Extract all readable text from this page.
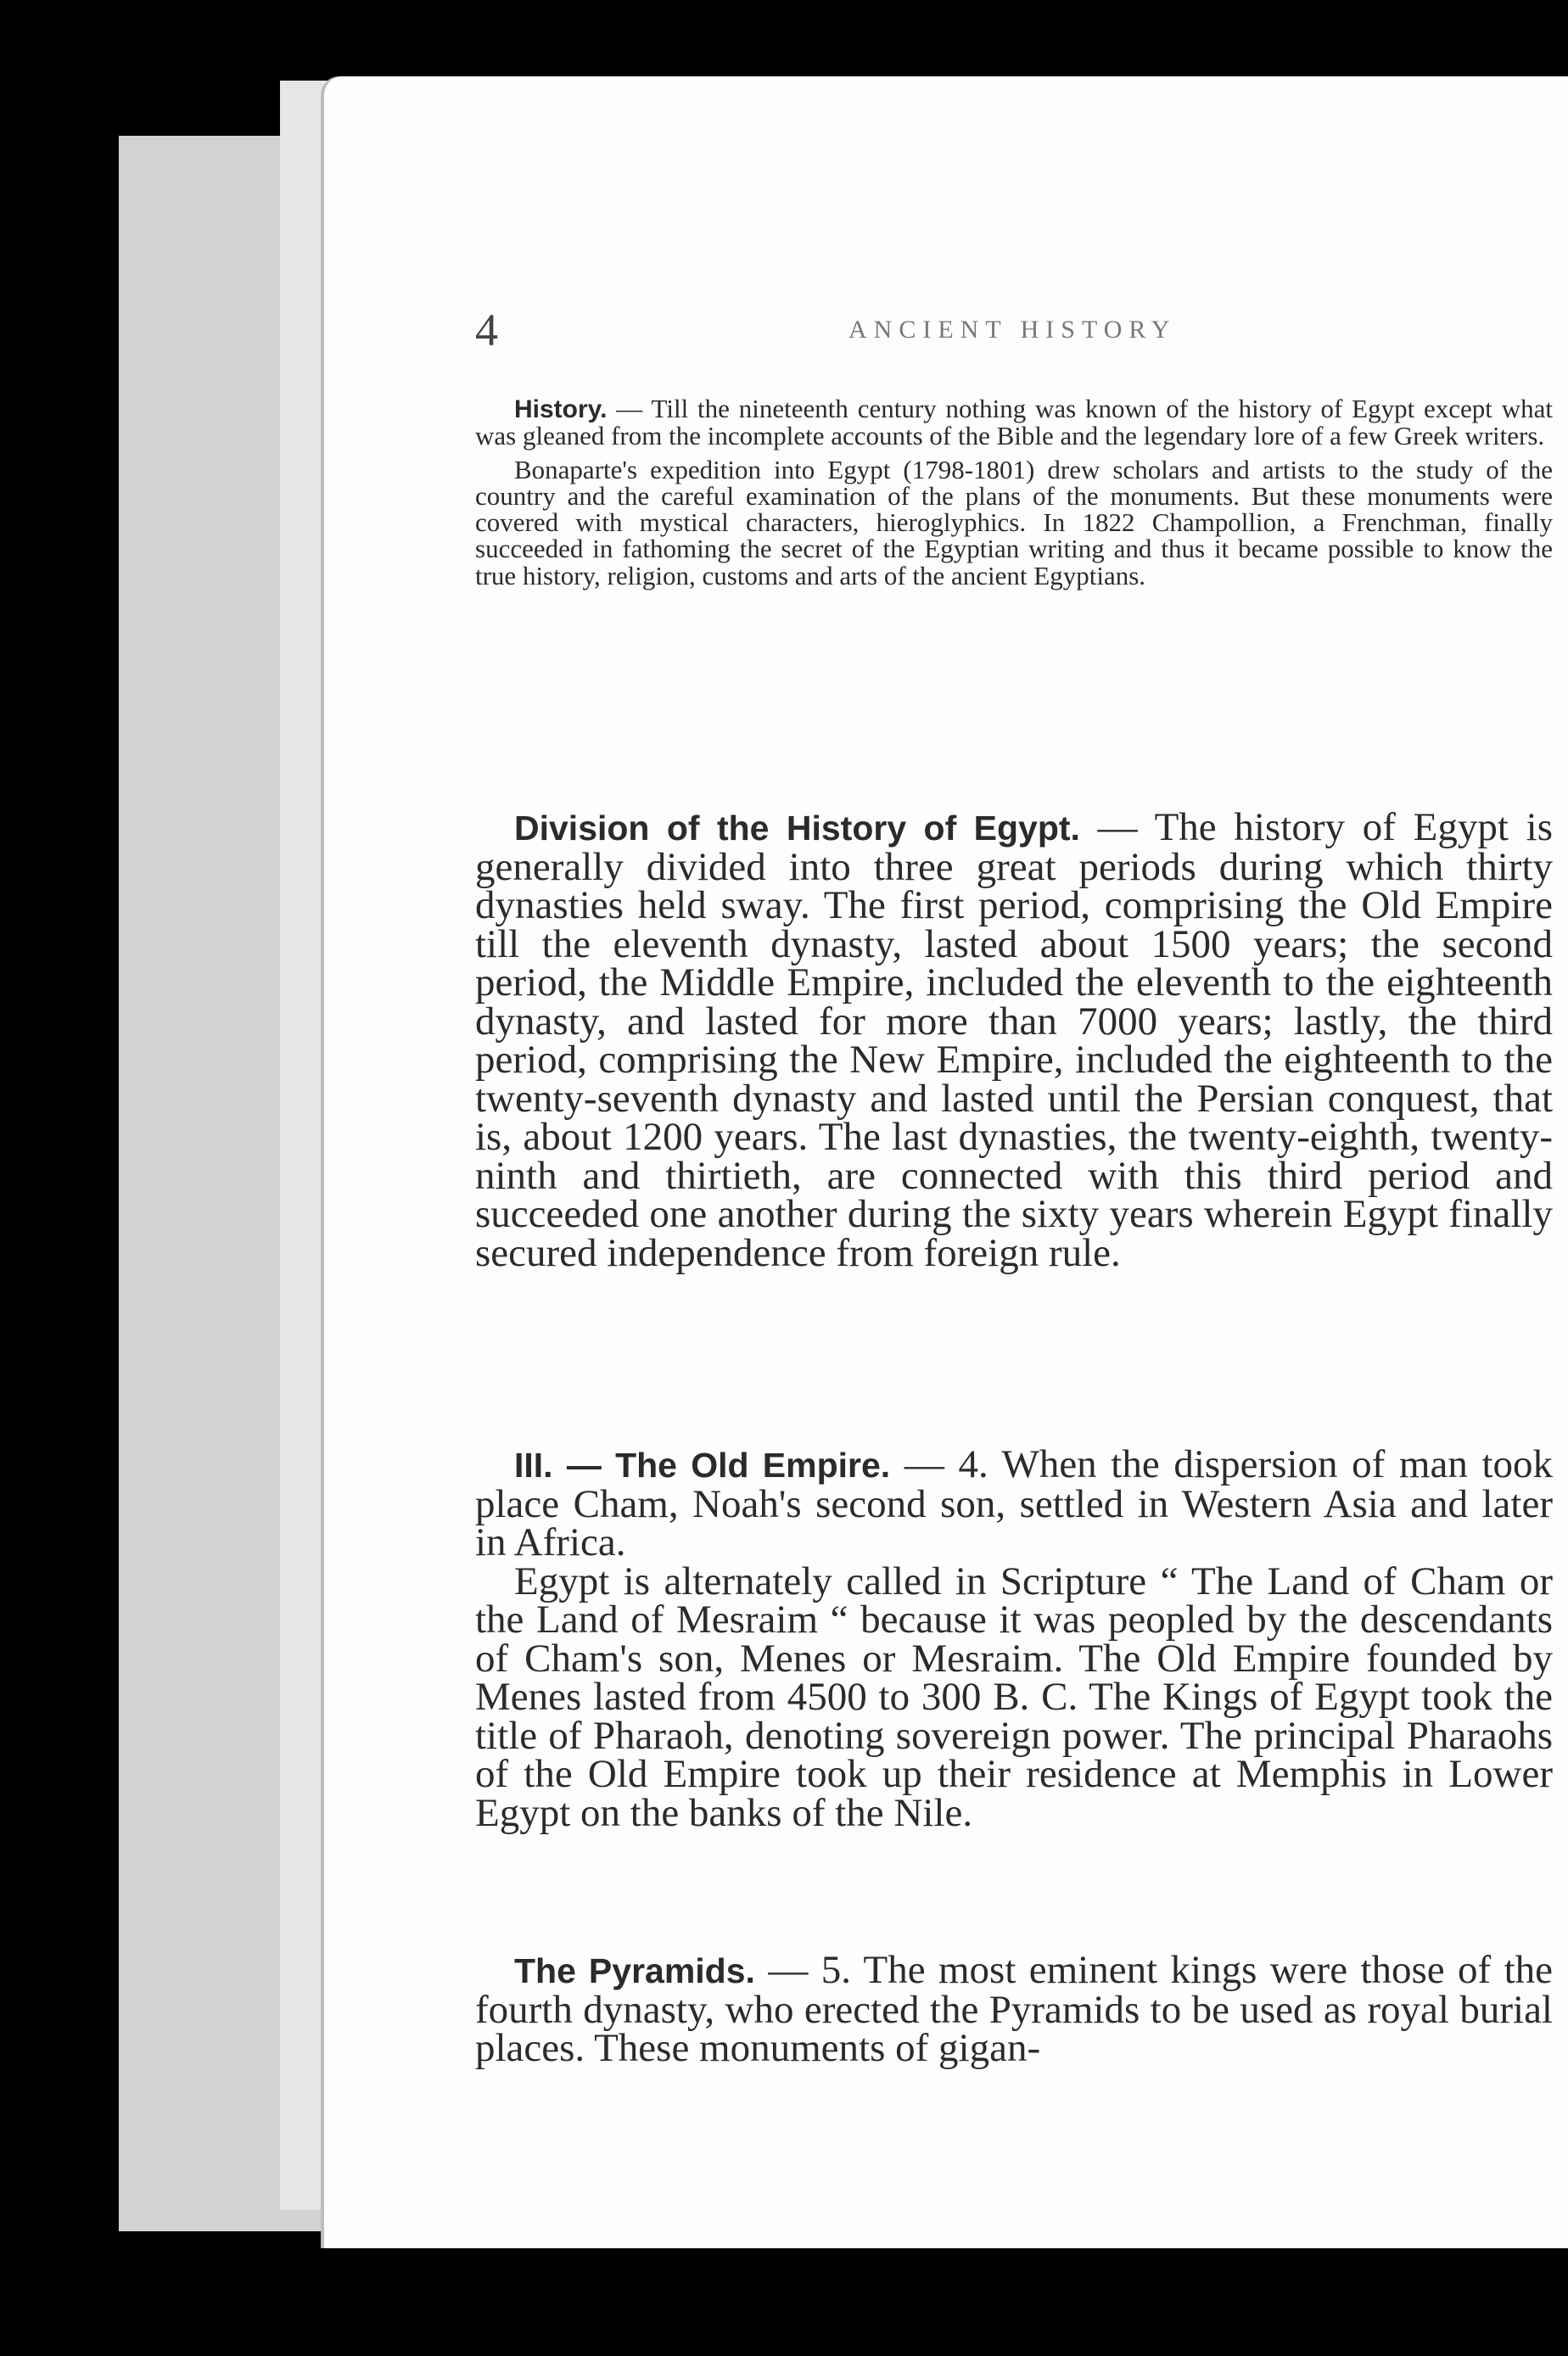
4	ANCIENT HISTORY

History. — Till the nineteenth century nothing was known of the history of Egypt except what was gleaned from the incomplete accounts of the Bible and the legendary lore of a few Greek writers.

Bonaparte's expedition into Egypt (1798-1801) drew scholars and artists to the study of the country and the careful examination of the plans of the monuments. But these monuments were covered with mystical characters, hieroglyphics. In 1822 Champollion, a Frenchman, finally succeeded in fathoming the secret of the Egyptian writing and thus it became possible to know the true history, religion, customs and arts of the ancient Egyptians.

Division of the History of Egypt. — The history of Egypt is generally divided into three great periods during which thirty dynasties held sway. The first period, comprising the Old Empire till the eleventh dynasty, lasted about 1500 years; the second period, the Middle Empire, included the eleventh to the eighteenth dynasty, and lasted for more than 7000 years; lastly, the third period, comprising the New Empire, included the eighteenth to the twenty-seventh dynasty and lasted until the Persian conquest, that is, about 1200 years. The last dynasties, the twenty-eighth, twenty-ninth and thirtieth, are connected with this third period and succeeded one another during the sixty years wherein Egypt finally secured independence from foreign rule.

III. — The Old Empire. — 4. When the dispersion of man took place Cham, Noah's second son, settled in Western Asia and later in Africa.

Egypt is alternately called in Scripture “ The Land of Cham or the Land of Mesraim “ because it was peopled by the descendants of Cham's son, Menes or Mesraim. The Old Empire founded by Menes lasted from 4500 to 300 B. C. The Kings of Egypt took the title of Pharaoh, denoting sovereign power. The principal Pharaohs of the Old Empire took up their residence at Memphis in Lower Egypt on the banks of the Nile.

The Pyramids. — 5. The most eminent kings were those of the fourth dynasty, who erected the Pyramids to be used as royal burial places. These monuments of gigan-
